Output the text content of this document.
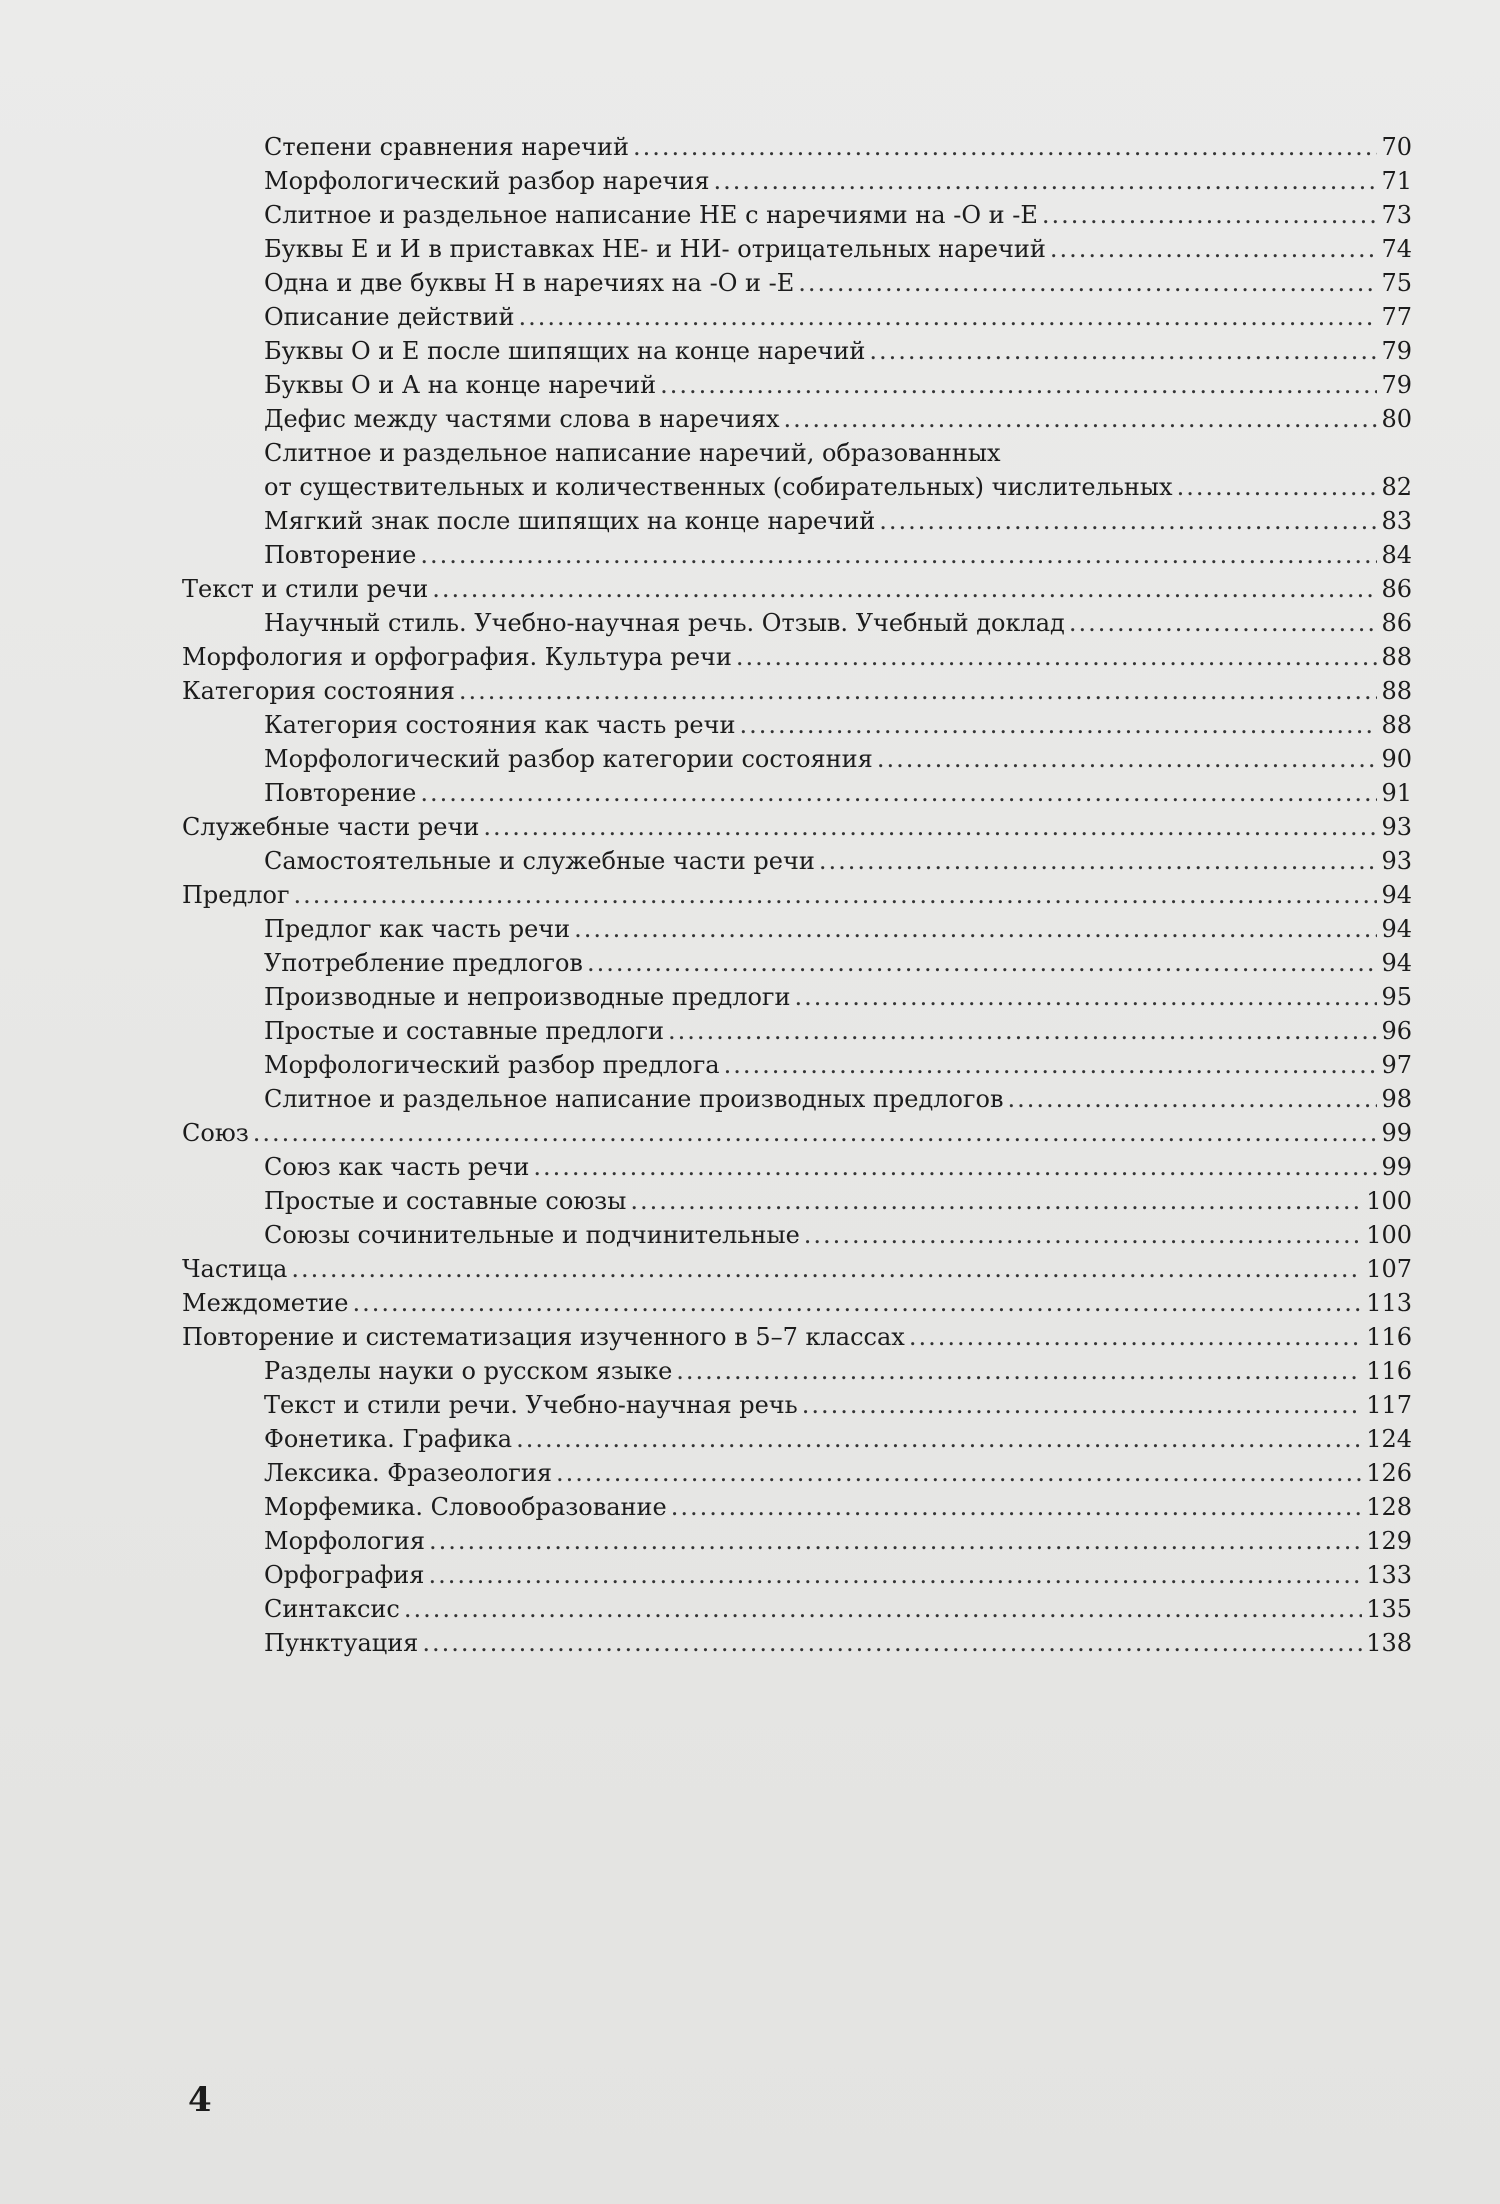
Степени сравнения наречий .....	70
Морфологический разбор наречия .....	71
Слитное и раздельное написание НЕ с наречиями на -О и -Е .....	73
Буквы Е и И в приставках НЕ- и НИ- отрицательных наречий .....	74
Одна и две буквы Н в наречиях на -О и -Е .....	75
Описание действий .....	77
Буквы О и Е после шипящих на конце наречий .....	79
Буквы О и А на конце наречий .....	79
Дефис между частями слова в наречиях .....	80
Слитное и раздельное написание наречий, образованных
от существительных и количественных (собирательных) числительных .....	82
Мягкий знак после шипящих на конце наречий .....	83
Повторение .....	84
Текст и стили речи .....	86
Научный стиль. Учебно-научная речь. Отзыв. Учебный доклад .....	86
Морфология и орфография. Культура речи .....	88
Категория состояния .....	88
Категория состояния как часть речи .....	88
Морфологический разбор категории состояния .....	90
Повторение .....	91
Служебные части речи .....	93
Самостоятельные и служебные части речи .....	93
Предлог .....	94
Предлог как часть речи .....	94
Употребление предлогов .....	94
Производные и непроизводные предлоги .....	95
Простые и составные предлоги .....	96
Морфологический разбор предлога .....	97
Слитное и раздельное написание производных предлогов .....	98
Союз .....	99
Союз как часть речи .....	99
Простые и составные союзы .....	100
Союзы сочинительные и подчинительные .....	100
Частица .....	107
Междометие .....	113
Повторение и систематизация изученного в 5–7 классах .....	116
Разделы науки о русском языке .....	116
Текст и стили речи. Учебно-научная речь .....	117
Фонетика. Графика .....	124
Лексика. Фразеология .....	126
Морфемика. Словообразование .....	128
Морфология .....	129
Орфография .....	133
Синтаксис .....	135
Пунктуация .....	138
4
